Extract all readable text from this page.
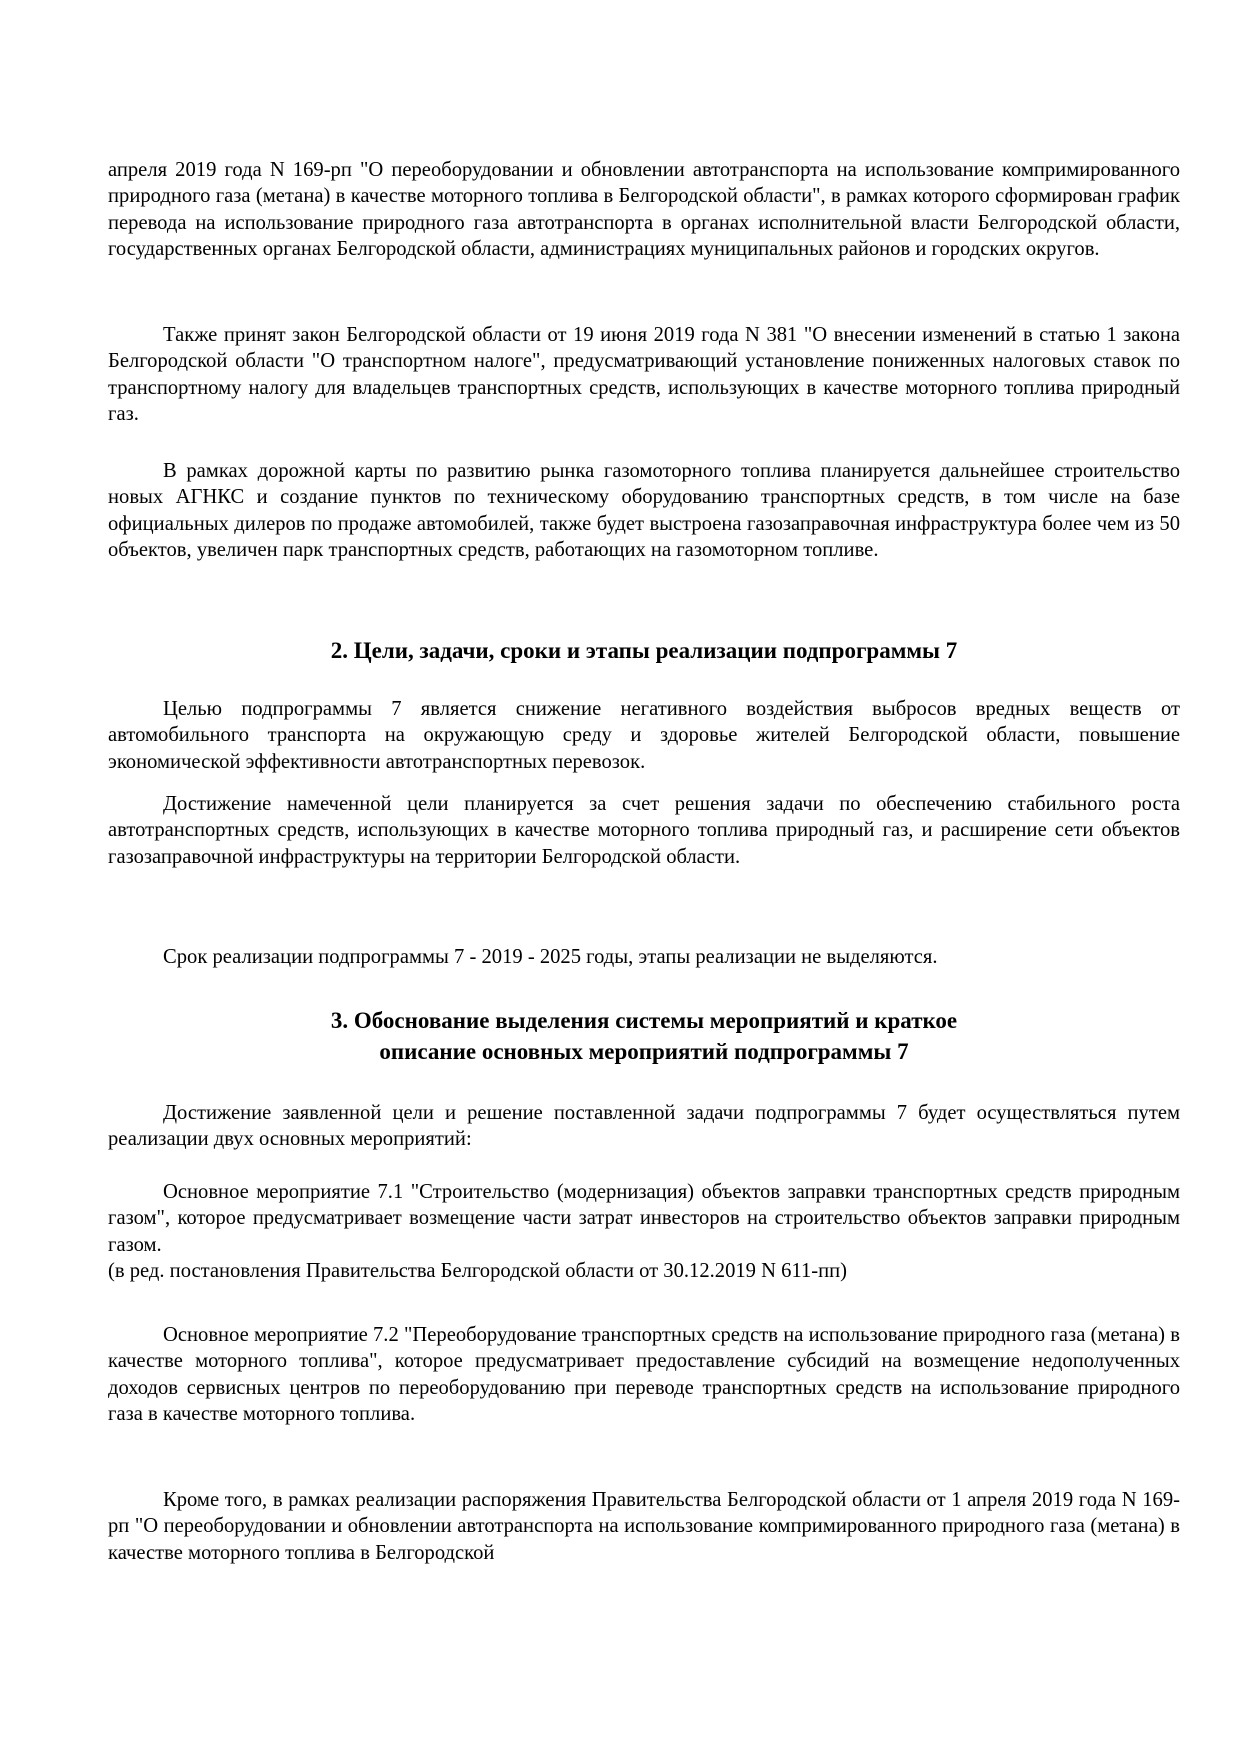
апреля 2019 года N 169-рп "О переоборудовании и обновлении автотранспорта на использование компримированного природного газа (метана) в качестве моторного топлива в Белгородской области", в рамках которого сформирован график перевода на использование природного газа автотранспорта в органах исполнительной власти Белгородской области, государственных органах Белгородской области, администрациях муниципальных районов и городских округов.
Также принят закон Белгородской области от 19 июня 2019 года N 381 "О внесении изменений в статью 1 закона Белгородской области "О транспортном налоге", предусматривающий установление пониженных налоговых ставок по транспортному налогу для владельцев транспортных средств, использующих в качестве моторного топлива природный газ.
В рамках дорожной карты по развитию рынка газомоторного топлива планируется дальнейшее строительство новых АГНКС и создание пунктов по техническому оборудованию транспортных средств, в том числе на базе официальных дилеров по продаже автомобилей, также будет выстроена газозаправочная инфраструктура более чем из 50 объектов, увеличен парк транспортных средств, работающих на газомоторном топливе.
2. Цели, задачи, сроки и этапы реализации подпрограммы 7
Целью подпрограммы 7 является снижение негативного воздействия выбросов вредных веществ от автомобильного транспорта на окружающую среду и здоровье жителей Белгородской области, повышение экономической эффективности автотранспортных перевозок.
Достижение намеченной цели планируется за счет решения задачи по обеспечению стабильного роста автотранспортных средств, использующих в качестве моторного топлива природный газ, и расширение сети объектов газозаправочной инфраструктуры на территории Белгородской области.
Срок реализации подпрограммы 7 - 2019 - 2025 годы, этапы реализации не выделяются.
3. Обоснование выделения системы мероприятий и краткое
описание основных мероприятий подпрограммы 7
Достижение заявленной цели и решение поставленной задачи подпрограммы 7 будет осуществляться путем реализации двух основных мероприятий:
Основное мероприятие 7.1 "Строительство (модернизация) объектов заправки транспортных средств природным газом", которое предусматривает возмещение части затрат инвесторов на строительство объектов заправки природным газом.
(в ред. постановления Правительства Белгородской области от 30.12.2019 N 611-пп)
Основное мероприятие 7.2 "Переоборудование транспортных средств на использование природного газа (метана) в качестве моторного топлива", которое предусматривает предоставление субсидий на возмещение недополученных доходов сервисных центров по переоборудованию при переводе транспортных средств на использование природного газа в качестве моторного топлива.
Кроме того, в рамках реализации распоряжения Правительства Белгородской области от 1 апреля 2019 года N 169-рп "О переоборудовании и обновлении автотранспорта на использование компримированного природного газа (метана) в качестве моторного топлива в Белгородской
